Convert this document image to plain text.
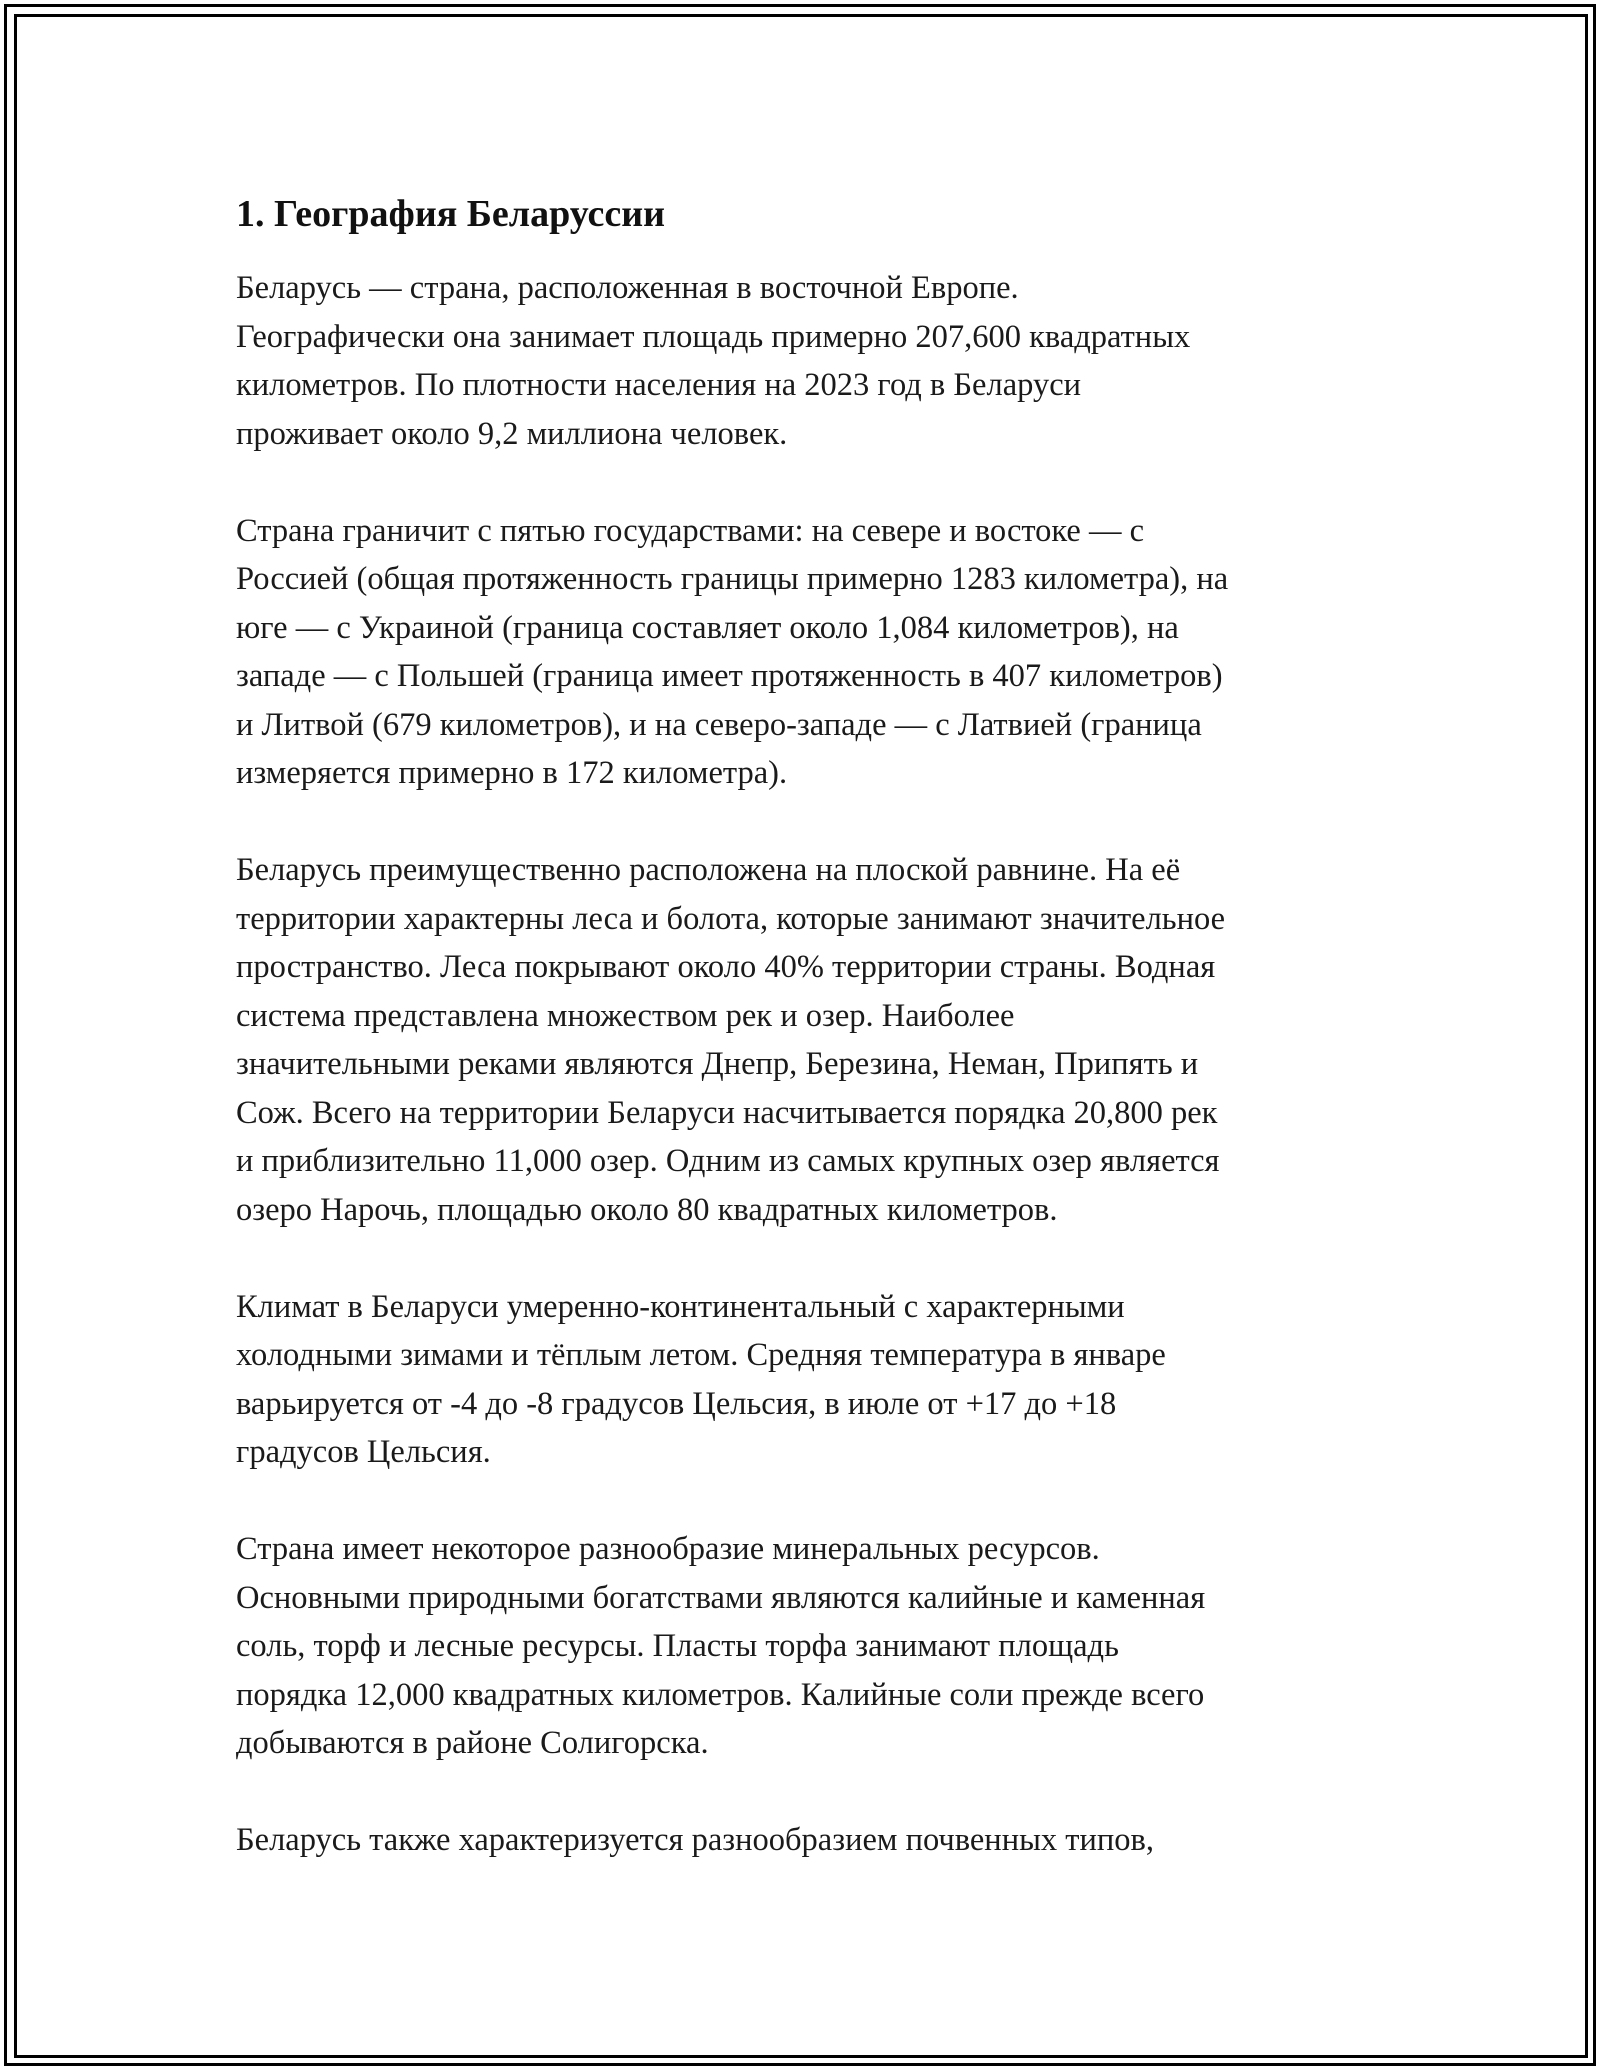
1. География Беларуссии

Беларусь — страна, расположенная в восточной Европе.
Географически она занимает площадь примерно 207,600 квадратных
километров. По плотности населения на 2023 год в Беларуси
проживает около 9,2 миллиона человек.

Страна граничит с пятью государствами: на севере и востоке — с
Россией (общая протяженность границы примерно 1283 километра), на
юге — с Украиной (граница составляет около 1,084 километров), на
западе — с Польшей (граница имеет протяженность в 407 километров)
и Литвой (679 километров), и на северо-западе — с Латвией (граница
измеряется примерно в 172 километра).

Беларусь преимущественно расположена на плоской равнине. На её
территории характерны леса и болота, которые занимают значительное
пространство. Леса покрывают около 40% территории страны. Водная
система представлена множеством рек и озер. Наиболее
значительными реками являются Днепр, Березина, Неман, Припять и
Сож. Всего на территории Беларуси насчитывается порядка 20,800 рек
и приблизительно 11,000 озер. Одним из самых крупных озер является
озеро Нарочь, площадью около 80 квадратных километров.

Климат в Беларуси умеренно-континентальный с характерными
холодными зимами и тёплым летом. Средняя температура в январе
варьируется от -4 до -8 градусов Цельсия, в июле от +17 до +18
градусов Цельсия.

Страна имеет некоторое разнообразие минеральных ресурсов.
Основными природными богатствами являются калийные и каменная
соль, торф и лесные ресурсы. Пласты торфа занимают площадь
порядка 12,000 квадратных километров. Калийные соли прежде всего
добываются в районе Солигорска.

Беларусь также характеризуется разнообразием почвенных типов,
